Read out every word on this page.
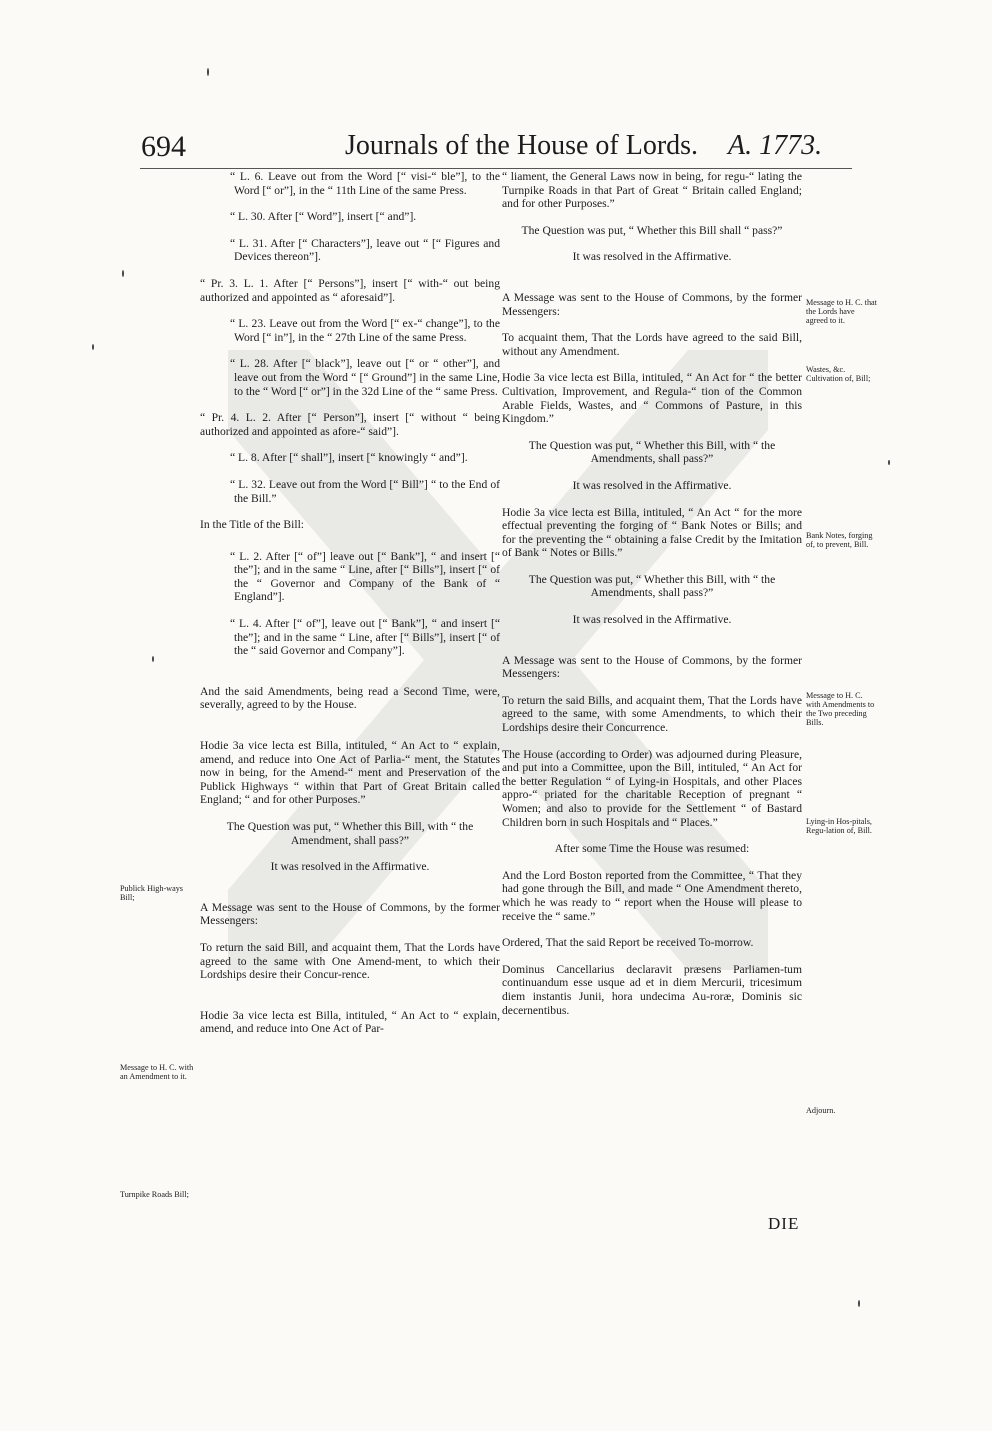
694	Journals of the House of Lords. A. 1773.

“ L. 6. Leave out from the Word [“ visi-“ ble”], to the Word [“ or”], in the “ 11th Line of the same Press.

“ L. 30. After [“ Word”], insert [“ and”].

“ L. 31. After [“ Characters”], leave out “ [“ Figures and Devices thereon”].

“ Pr. 3. L. 1. After [“ Persons”], insert [“ with-“ out being authorized and appointed as “ aforesaid”].

“ L. 23. Leave out from the Word [“ ex-“ change”], to the Word [“ in”], in the “ 27th Line of the same Press.

“ L. 28. After [“ black”], leave out [“ or “ other”], and leave out from the Word “ [“ Ground”] in the same Line, to the “ Word [“ or”] in the 32d Line of the “ same Press.

“ Pr. 4. L. 2. After [“ Person”], insert [“ without “ being authorized and appointed as afore-“ said”].

“ L. 8. After [“ shall”], insert [“ knowingly “ and”].

“ L. 32. Leave out from the Word [“ Bill”] “ to the End of the Bill.”

In the Title of the Bill:

“ L. 2. After [“ of”] leave out [“ Bank”], “ and insert [“ the”]; and in the same “ Line, after [“ Bills”], insert [“ of the “ Governor and Company of the Bank of “ England”].

“ L. 4. After [“ of”], leave out [“ Bank”], “ and insert [“ the”]; and in the same “ Line, after [“ Bills”], insert [“ of the “ said Governor and Company”].

And the said Amendments, being read a Second Time, were, severally, agreed to by the House.

Hodie 3a vice lecta est Billa, intituled, “ An Act to “ explain, amend, and reduce into One Act of Parlia-“ ment, the Statutes now in being, for the Amend-“ ment and Preservation of the Publick Highways “ within that Part of Great Britain called England; “ and for other Purposes.”

The Question was put, “ Whether this Bill, with “ the Amendment, shall pass?”

It was resolved in the Affirmative.

A Message was sent to the House of Commons, by the former Messengers:

To return the said Bill, and acquaint them, That the Lords have agreed to the same with One Amend-ment, to which their Lordships desire their Concur-rence.

Hodie 3a vice lecta est Billa, intituled, “ An Act to “ explain, amend, and reduce into One Act of Par-

“ liament, the General Laws now in being, for regu-“ lating the Turnpike Roads in that Part of Great “ Britain called England; and for other Purposes.”

The Question was put, “ Whether this Bill shall “ pass?”

It was resolved in the Affirmative.

A Message was sent to the House of Commons, by the former Messengers:

To acquaint them, That the Lords have agreed to the said Bill, without any Amendment.

Hodie 3a vice lecta est Billa, intituled, “ An Act for “ the better Cultivation, Improvement, and Regula-“ tion of the Common Arable Fields, Wastes, and “ Commons of Pasture, in this Kingdom.”

The Question was put, “ Whether this Bill, with “ the Amendments, shall pass?”

It was resolved in the Affirmative.

Hodie 3a vice lecta est Billa, intituled, “ An Act “ for the more effectual preventing the forging of “ Bank Notes or Bills; and for the preventing the “ obtaining a false Credit by the Imitation of Bank “ Notes or Bills.”

The Question was put, “ Whether this Bill, with “ the Amendments, shall pass?”

It was resolved in the Affirmative.

A Message was sent to the House of Commons, by the former Messengers:

To return the said Bills, and acquaint them, That the Lords have agreed to the same, with some Amendments, to which their Lordships desire their Concurrence.

The House (according to Order) was adjourned during Pleasure, and put into a Committee, upon the Bill, intituled, “ An Act for the better Regulation “ of Lying-in Hospitals, and other Places appro-“ priated for the charitable Reception of pregnant “ Women; and also to provide for the Settlement “ of Bastard Children born in such Hospitals and “ Places.”

After some Time the House was resumed:

And the Lord Boston reported from the Committee, “ That they had gone through the Bill, and made “ One Amendment thereto, which he was ready to “ report when the House will please to receive the “ same.”

Ordered, That the said Report be received To-morrow.

Dominus Cancellarius declaravit præsens Parliamen-tum continuandum esse usque ad et in diem Mercurii, tricesimum diem instantis Junii, hora undecima Au-roræ, Dominis sic decernentibus.

Publick High-ways Bill;
Message to H. C. with an Amendment to it.
Turnpike Roads Bill;
Message to H. C. that the Lords have agreed to it.
Wastes, &c. Cultivation of, Bill;
Bank Notes, forging of, to prevent, Bill.
Message to H. C. with Amendments to the Two preceding Bills.
Lying-in Hos-pitals, Regu-lation of, Bill.
Adjourn.
DIE
